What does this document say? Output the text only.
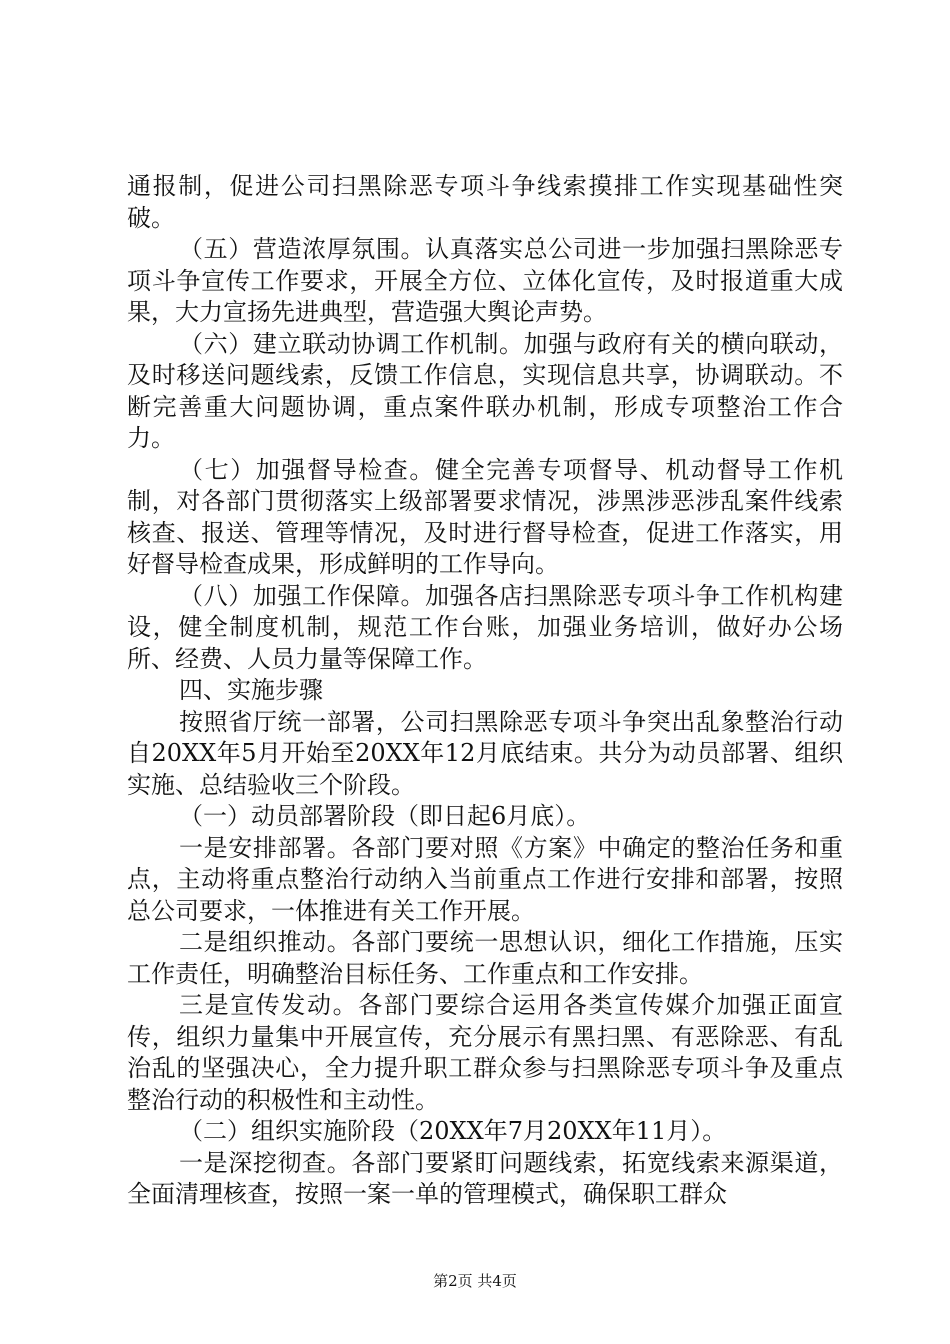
通报制，促进公司扫黑除恶专项斗争线索摸排工作实现基础性突破。

（五）营造浓厚氛围。认真落实总公司进一步加强扫黑除恶专项斗争宣传工作要求，开展全方位、立体化宣传，及时报道重大成果，大力宣扬先进典型，营造强大舆论声势。

（六）建立联动协调工作机制。加强与政府有关的横向联动，及时移送问题线索，反馈工作信息，实现信息共享，协调联动。不断完善重大问题协调，重点案件联办机制，形成专项整治工作合力。

（七）加强督导检查。健全完善专项督导、机动督导工作机制，对各部门贯彻落实上级部署要求情况，涉黑涉恶涉乱案件线索核查、报送、管理等情况，及时进行督导检查，促进工作落实，用好督导检查成果，形成鲜明的工作导向。

（八）加强工作保障。加强各店扫黑除恶专项斗争工作机构建设，健全制度机制，规范工作台账，加强业务培训，做好办公场所、经费、人员力量等保障工作。

四、实施步骤

按照省厅统一部署，公司扫黑除恶专项斗争突出乱象整治行动自20XX年5月开始至20XX年12月底结束。共分为动员部署、组织实施、总结验收三个阶段。

（一）动员部署阶段（即日起6月底）。

一是安排部署。各部门要对照《方案》中确定的整治任务和重点，主动将重点整治行动纳入当前重点工作进行安排和部署，按照总公司要求，一体推进有关工作开展。

二是组织推动。各部门要统一思想认识，细化工作措施，压实工作责任，明确整治目标任务、工作重点和工作安排。

三是宣传发动。各部门要综合运用各类宣传媒介加强正面宣传，组织力量集中开展宣传，充分展示有黑扫黑、有恶除恶、有乱治乱的坚强决心，全力提升职工群众参与扫黑除恶专项斗争及重点整治行动的积极性和主动性。

（二）组织实施阶段（20XX年7月20XX年11月）。

一是深挖彻查。各部门要紧盯问题线索，拓宽线索来源渠道，全面清理核查，按照一案一单的管理模式，确保职工群众

第2页 共4页
